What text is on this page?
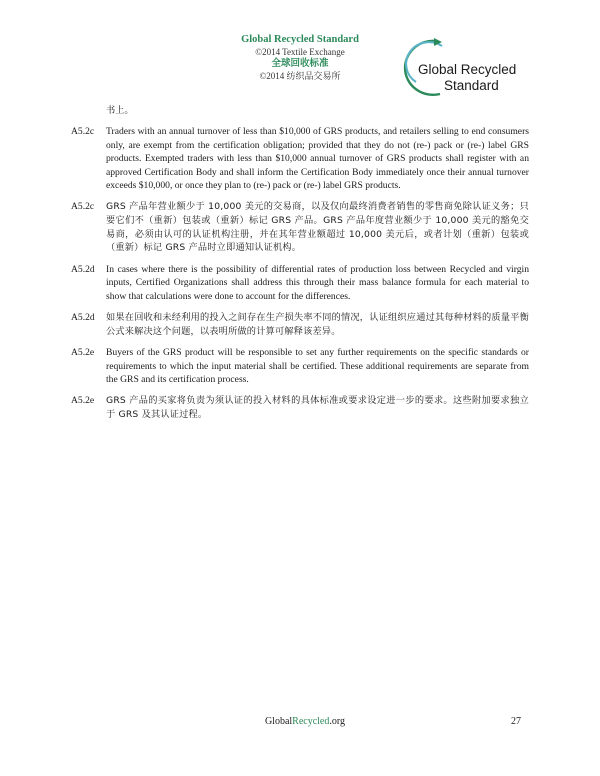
Global Recycled Standard
©2014 Textile Exchange
全球回收标准
©2014 纺织品交易所	Global Recycled
Standard
书上。
A5.2c	Traders with an annual turnover of less than $10,000 of GRS products, and retailers selling to end consumers only, are exempt from the certification obligation; provided that they do not (re-) pack or (re-) label GRS products. Exempted traders with less than $10,000 annual turnover of GRS products shall register with an approved Certification Body and shall inform the Certification Body immediately once their annual turnover exceeds $10,000, or once they plan to (re-) pack or (re-) label GRS products.
A5.2c	GRS 产品年营业额少于 10,000 美元的交易商，以及仅向最终消费者销售的零售商免除认证义务；只要它们不（重新）包装或（重新）标记 GRS 产品。GRS 产品年度营业额少于 10,000 美元的豁免交易商，必须由认可的认证机构注册，并在其年营业额超过 10,000 美元后，或者计划（重新）包装或（重新）标记 GRS 产品时立即通知认证机构。
A5.2d	In cases where there is the possibility of differential rates of production loss between Recycled and virgin inputs, Certified Organizations shall address this through their mass balance formula for each material to show that calculations were done to account for the differences.
A5.2d	如果在回收和未经利用的投入之间存在生产损失率不同的情况，认证组织应通过其每种材料的质量平衡公式来解决这个问题，以表明所做的计算可解释该差异。
A5.2e	Buyers of the GRS product will be responsible to set any further requirements on the specific standards or requirements to which the input material shall be certified. These additional requirements are separate from the GRS and its certification process.
A5.2e	GRS 产品的买家将负责为须认证的投入材料的具体标准或要求设定进一步的要求。这些附加要求独立于 GRS 及其认证过程。
GlobalRecycled.org	27
